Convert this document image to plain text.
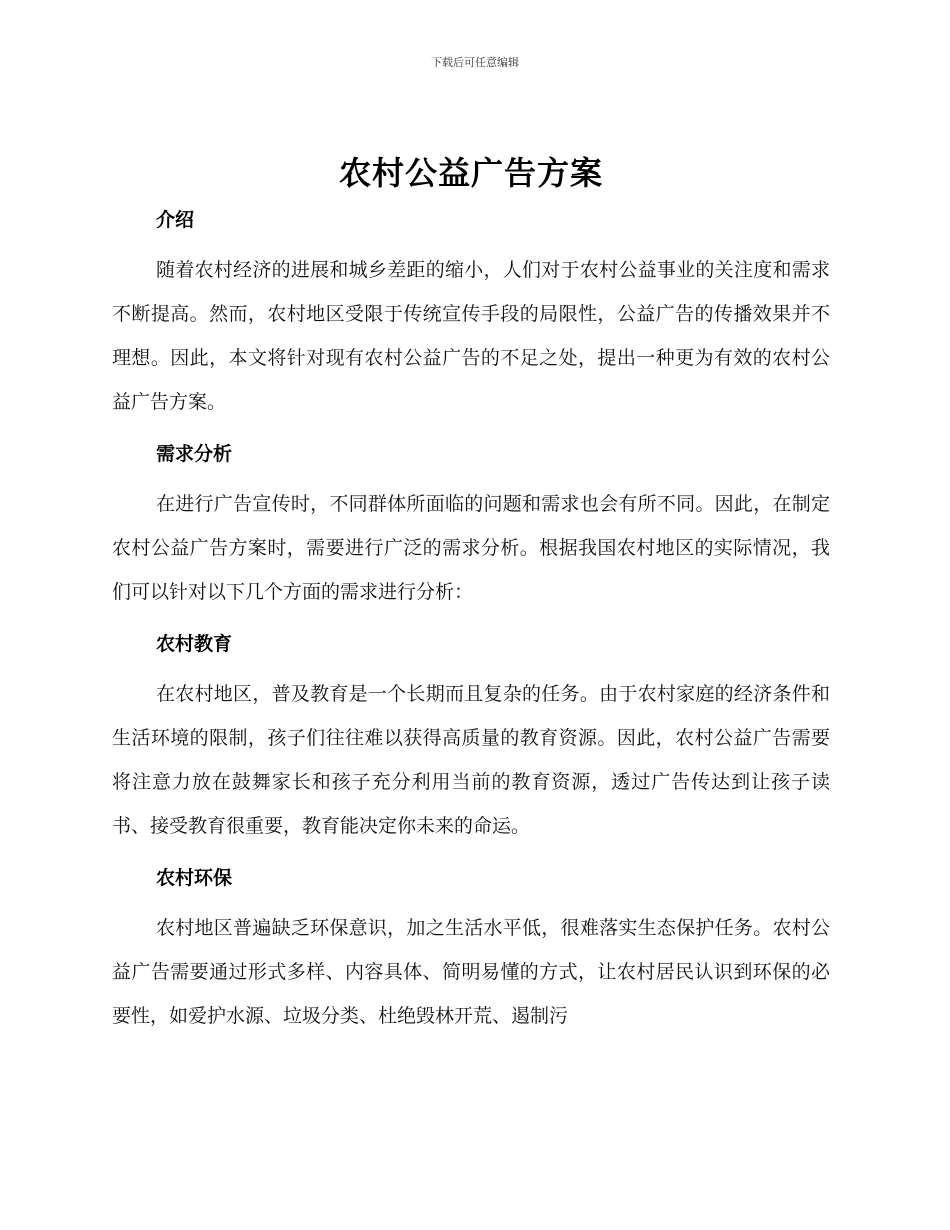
下载后可任意编辑
农村公益广告方案
介绍

随着农村经济的进展和城乡差距的缩小，人们对于农村公益事业的关注度和需求不断提高。然而，农村地区受限于传统宣传手段的局限性，公益广告的传播效果并不理想。因此，本文将针对现有农村公益广告的不足之处，提出一种更为有效的农村公益广告方案。

需求分析

在进行广告宣传时，不同群体所面临的问题和需求也会有所不同。因此，在制定农村公益广告方案时，需要进行广泛的需求分析。根据我国农村地区的实际情况，我们可以针对以下几个方面的需求进行分析：

农村教育

在农村地区，普及教育是一个长期而且复杂的任务。由于农村家庭的经济条件和生活环境的限制，孩子们往往难以获得高质量的教育资源。因此，农村公益广告需要将注意力放在鼓舞家长和孩子充分利用当前的教育资源，透过广告传达到让孩子读书、接受教育很重要，教育能决定你未来的命运。

农村环保

农村地区普遍缺乏环保意识，加之生活水平低，很难落实生态保护任务。农村公益广告需要通过形式多样、内容具体、简明易懂的方式，让农村居民认识到环保的必要性，如爱护水源、垃圾分类、杜绝毁林开荒、遏制污
